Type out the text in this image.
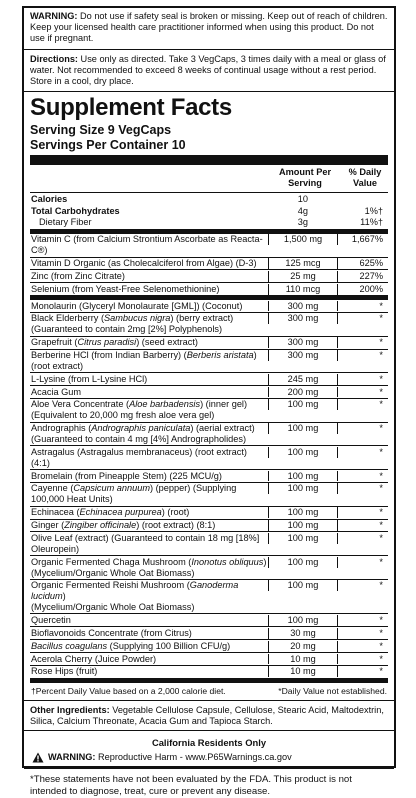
WARNING: Do not use if safety seal is broken or missing. Keep out of reach of children. Keep your licensed health care practitioner informed when using this product. Do not use if pregnant.
Directions: Use only as directed. Take 3 VegCaps, 3 times daily with a meal or glass of water. Not recommended to exceed 8 weeks of continual usage without a rest period. Store in a cool, dry place.
Supplement Facts
Serving Size 9 VegCaps
Servings Per Container 10
Amount Per Serving
% Daily Value
Calories	10
Total Carbohydrates	4g	1%†
Dietary Fiber	3g	11%†
Vitamin C (from Calcium Strontium Ascorbate as Reacta-C®)
1,500 mg	1,667%
Vitamin D Organic (as Cholecalciferol from Algae) (D-3)	125 mcg	625%
Zinc (from Zinc Citrate)	25 mg	227%
Selenium (from Yeast-Free Selenomethionine)	110 mcg	200%
Monolaurin (Glyceryl Monolaurate [GML]) (Coconut)	300 mg	*
Black Elderberry (Sambucus nigra) (berry extract)
(Guaranteed to contain 2mg [2%] Polyphenols)
300 mg	*
Grapefruit (Citrus paradisi) (seed extract)	300 mg	*
Berberine HCl (from Indian Barberry) (Berberis aristata) (root extract)
300 mg	*
L-Lysine (from L-Lysine HCl)	245 mg	*
Acacia Gum	200 mg	*
Aloe Vera Concentrate (Aloe barbadensis) (inner gel)
(Equivalent to 20,000 mg fresh aloe vera gel)
100 mg	*
Andrographis (Andrographis paniculata) (aerial extract)
(Guaranteed to contain 4 mg [4%] Andrographolides)
100 mg	*
Astragalus (Astragalus membranaceus) (root extract) (4:1)
100 mg	*
Bromelain (from Pineapple Stem) (225 MCU/g)	100 mg	*
Cayenne (Capsicum annuum) (pepper) (Supplying 100,000 Heat Units)
100 mg	*
Echinacea (Echinacea purpurea) (root)	100 mg	*
Ginger (Zingiber officinale) (root extract) (8:1)	100 mg	*
Olive Leaf (extract) (Guaranteed to contain 18 mg [18%] Oleuropein)
100 mg	*
Organic Fermented Chaga Mushroom (Inonotus obliquus)
(Mycelium/Organic Whole Oat Biomass)
100 mg	*
Organic Fermented Reishi Mushroom (Ganoderma lucidum)
(Mycelium/Organic Whole Oat Biomass)
100 mg	*
Quercetin	100 mg	*
Bioflavonoids Concentrate (from Citrus)	30 mg	*
Bacillus coagulans (Supplying 100 Billion CFU/g)	20 mg	*
Acerola Cherry (Juice Powder)	10 mg	*
Rose Hips (fruit)	10 mg	*
†Percent Daily Value based on a 2,000 calorie diet.	*Daily Value not established.
Other Ingredients: Vegetable Cellulose Capsule, Cellulose, Stearic Acid, Maltodextrin, Silica, Calcium Threonate, Acacia Gum and Tapioca Starch.
California Residents Only
WARNING: Reproductive Harm - www.P65Warnings.ca.gov
*These statements have not been evaluated by the FDA. This product is not intended to diagnose, treat, cure or prevent any disease.
